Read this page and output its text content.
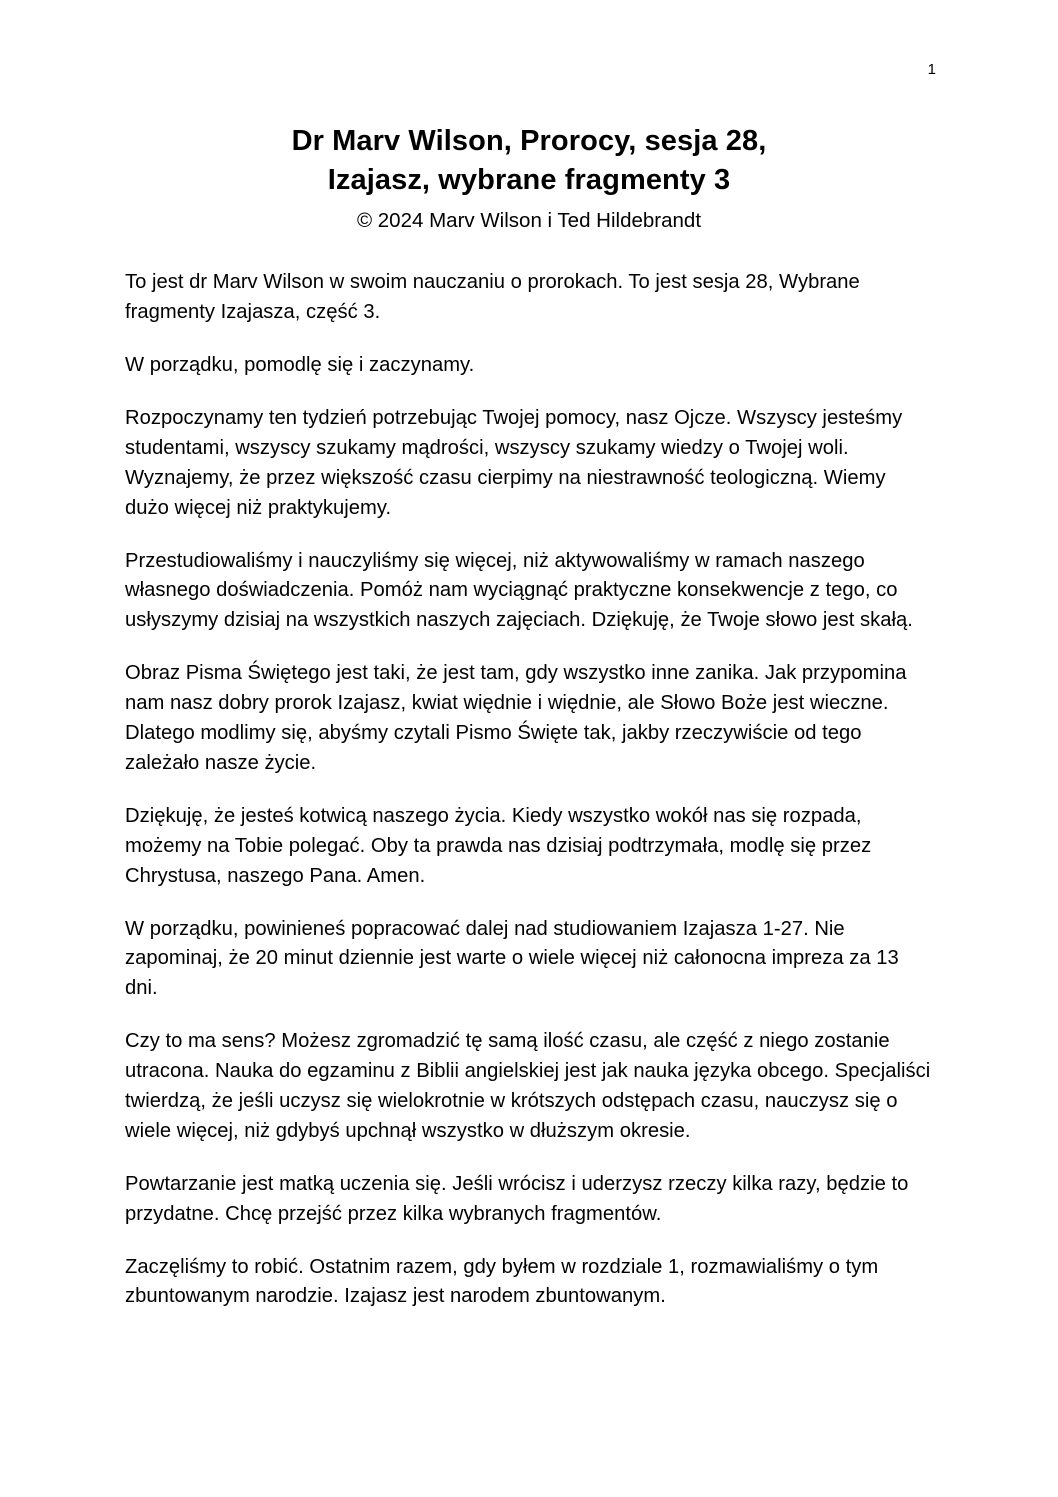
1
Dr Marv Wilson, Prorocy, sesja 28,
Izajasz, wybrane fragmenty 3
© 2024 Marv Wilson i Ted Hildebrandt

To jest dr Marv Wilson w swoim nauczaniu o prorokach. To jest sesja 28, Wybrane fragmenty Izajasza, część 3.

W porządku, pomodlę się i zaczynamy.

Rozpoczynamy ten tydzień potrzebując Twojej pomocy, nasz Ojcze. Wszyscy jesteśmy studentami, wszyscy szukamy mądrości, wszyscy szukamy wiedzy o Twojej woli. Wyznajemy, że przez większość czasu cierpimy na niestrawność teologiczną. Wiemy dużo więcej niż praktykujemy.

Przestudiowaliśmy i nauczyliśmy się więcej, niż aktywowaliśmy w ramach naszego własnego doświadczenia. Pomóż nam wyciągnąć praktyczne konsekwencje z tego, co usłyszymy dzisiaj na wszystkich naszych zajęciach. Dziękuję, że Twoje słowo jest skałą.

Obraz Pisma Świętego jest taki, że jest tam, gdy wszystko inne zanika. Jak przypomina nam nasz dobry prorok Izajasz, kwiat więdnie i więdnie, ale Słowo Boże jest wieczne. Dlatego modlimy się, abyśmy czytali Pismo Święte tak, jakby rzeczywiście od tego zależało nasze życie.

Dziękuję, że jesteś kotwicą naszego życia. Kiedy wszystko wokół nas się rozpada, możemy na Tobie polegać. Oby ta prawda nas dzisiaj podtrzymała, modlę się przez Chrystusa, naszego Pana. Amen.

W porządku, powinieneś popracować dalej nad studiowaniem Izajasza 1-27. Nie zapominaj, że 20 minut dziennie jest warte o wiele więcej niż całonocna impreza za 13 dni.

Czy to ma sens? Możesz zgromadzić tę samą ilość czasu, ale część z niego zostanie utracona. Nauka do egzaminu z Biblii angielskiej jest jak nauka języka obcego. Specjaliści twierdzą, że jeśli uczysz się wielokrotnie w krótszych odstępach czasu, nauczysz się o wiele więcej, niż gdybyś upchnął wszystko w dłuższym okresie.

Powtarzanie jest matką uczenia się. Jeśli wrócisz i uderzysz rzeczy kilka razy, będzie to przydatne. Chcę przejść przez kilka wybranych fragmentów.

Zaczęliśmy to robić. Ostatnim razem, gdy byłem w rozdziale 1, rozmawialiśmy o tym zbuntowanym narodzie. Izajasz jest narodem zbuntowanym.
